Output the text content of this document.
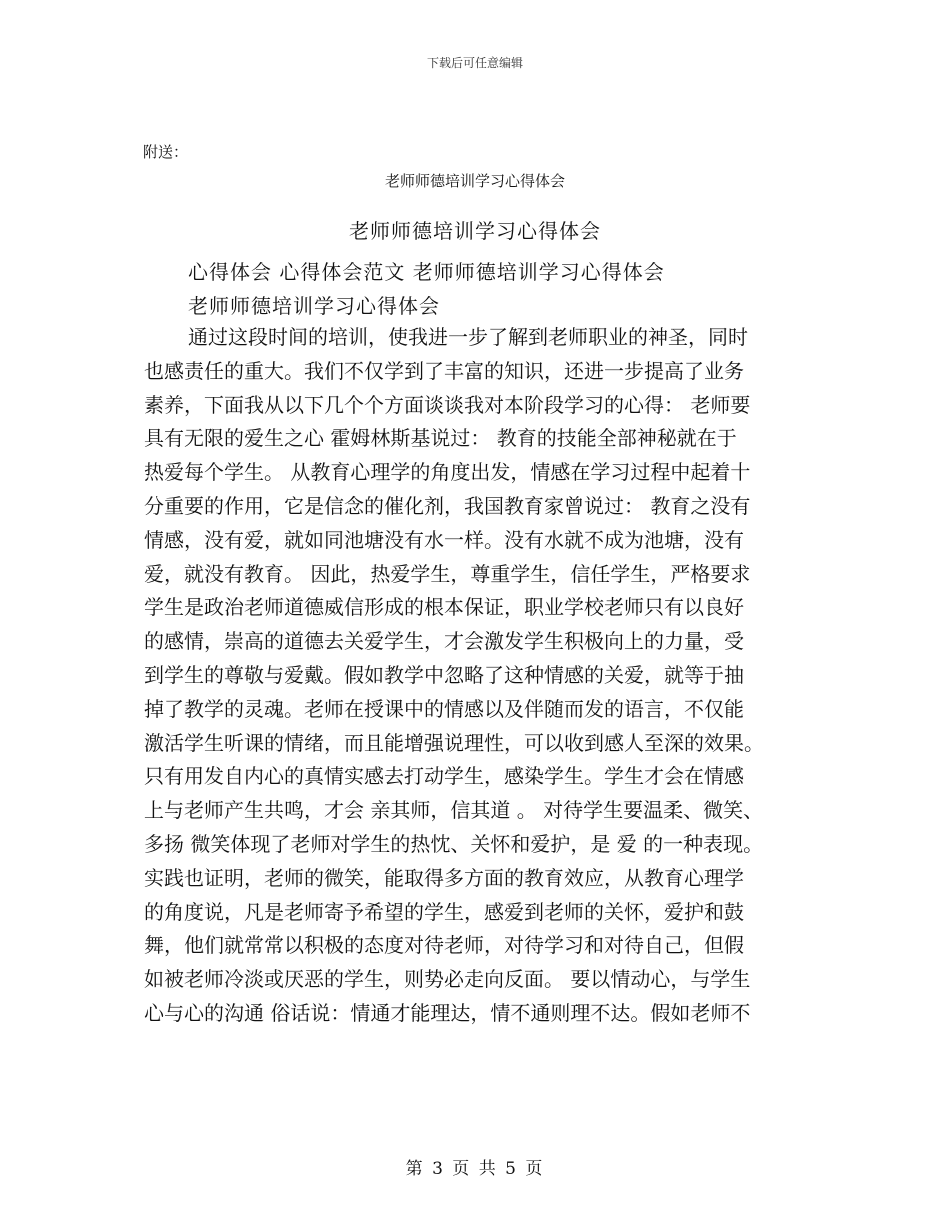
下载后可任意编辑
附送：
老师师德培训学习心得体会
老师师德培训学习心得体会
心得体会 心得体会范文 老师师德培训学习心得体会
老师师德培训学习心得体会
通过这段时间的培训，使我进一步了解到老师职业的神圣，同时
也感责任的重大。我们不仅学到了丰富的知识，还进一步提高了业务
素养，下面我从以下几个个方面谈谈我对本阶段学习的心得： 老师要
具有无限的爱生之心 霍姆林斯基说过： 教育的技能全部神秘就在于
热爱每个学生。 从教育心理学的角度出发，情感在学习过程中起着十
分重要的作用，它是信念的催化剂，我国教育家曾说过： 教育之没有
情感，没有爱，就如同池塘没有水一样。没有水就不成为池塘，没有
爱，就没有教育。 因此，热爱学生，尊重学生，信任学生，严格要求
学生是政治老师道德威信形成的根本保证，职业学校老师只有以良好
的感情，崇高的道德去关爱学生，才会激发学生积极向上的力量，受
到学生的尊敬与爱戴。假如教学中忽略了这种情感的关爱，就等于抽
掉了教学的灵魂。老师在授课中的情感以及伴随而发的语言，不仅能
激活学生听课的情绪，而且能增强说理性，可以收到感人至深的效果。
只有用发自内心的真情实感去打动学生，感染学生。学生才会在情感
上与老师产生共鸣，才会 亲其师，信其道 。 对待学生要温柔、微笑、
多扬 微笑体现了老师对学生的热忱、关怀和爱护，是 爱 的一种表现。
实践也证明，老师的微笑，能取得多方面的教育效应，从教育心理学
的角度说，凡是老师寄予希望的学生，感爱到老师的关怀，爱护和鼓
舞，他们就常常以积极的态度对待老师，对待学习和对待自己，但假
如被老师冷淡或厌恶的学生，则势必走向反面。 要以情动心，与学生
心与心的沟通 俗话说：情通才能理达，情不通则理不达。假如老师不
第 3 页 共 5 页
